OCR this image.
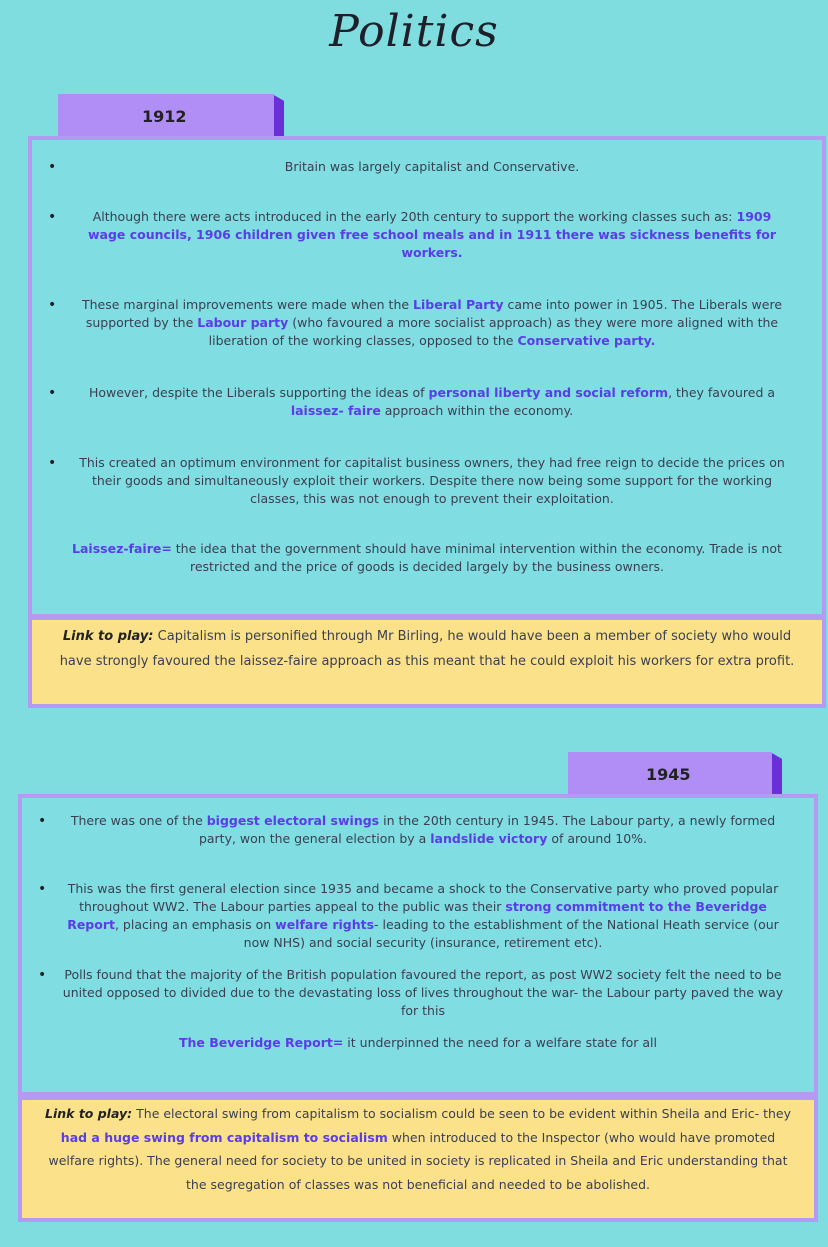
Politics
1912
• Britain was largely capitalist and Conservative.
• Although there were acts introduced in the early 20th century to support the working classes such as: 1909 wage councils, 1906 children given free school meals and in 1911 there was sickness benefits for workers.
• These marginal improvements were made when the Liberal Party came into power in 1905. The Liberals were supported by the Labour party (who favoured a more socialist approach) as they were more aligned with the liberation of the working classes, opposed to the Conservative party.
• However, despite the Liberals supporting the ideas of personal liberty and social reform, they favoured a laissez- faire approach within the economy.
• This created an optimum environment for capitalist business owners, they had free reign to decide the prices on their goods and simultaneously exploit their workers. Despite there now being some support for the working classes, this was not enough to prevent their exploitation.
Laissez-faire= the idea that the government should have minimal intervention within the economy. Trade is not restricted and the price of goods is decided largely by the business owners.
Link to play: Capitalism is personified through Mr Birling, he would have been a member of society who would have strongly favoured the laissez-faire approach as this meant that he could exploit his workers for extra profit.
1945
• There was one of the biggest electoral swings in the 20th century in 1945. The Labour party, a newly formed party, won the general election by a landslide victory of around 10%.
• This was the first general election since 1935 and became a shock to the Conservative party who proved popular throughout WW2. The Labour parties appeal to the public was their strong commitment to the Beveridge Report, placing an emphasis on welfare rights- leading to the establishment of the National Heath service (our now NHS) and social security (insurance, retirement etc).
• Polls found that the majority of the British population favoured the report, as post WW2 society felt the need to be united opposed to divided due to the devastating loss of lives throughout the war- the Labour party paved the way for this
The Beveridge Report= it underpinned the need for a welfare state for all
Link to play: The electoral swing from capitalism to socialism could be seen to be evident within Sheila and Eric- they had a huge swing from capitalism to socialism when introduced to the Inspector (who would have promoted welfare rights). The general need for society to be united in society is replicated in Sheila and Eric understanding that the segregation of classes was not beneficial and needed to be abolished.
